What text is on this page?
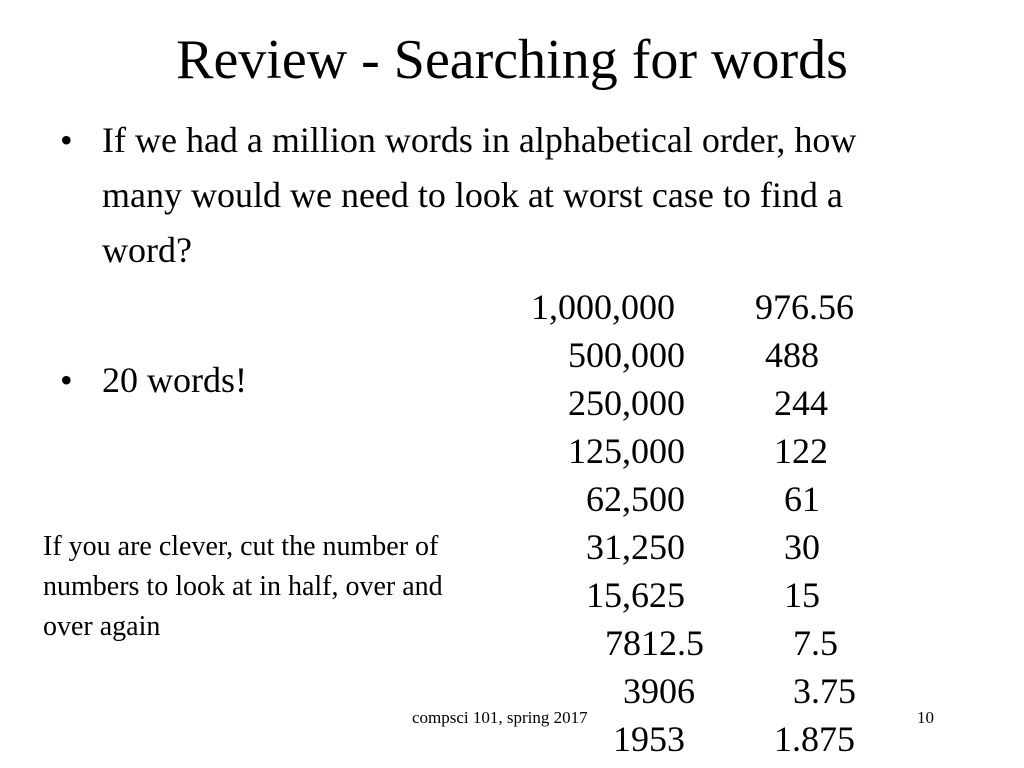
Review - Searching for words
• If we had a million words in alphabetical order, how many would we need to look at worst case to find a word?
• 20 words!
If you are clever, cut the number of numbers to look at in half, over and over again
1,000,000
500,000
250,000
125,000
62,500
31,250
15,625
7812.5
3906
1953
976.56
488
244
122
61
30
15
7.5
3.75
1.875
compsci 101, spring 2017	10
